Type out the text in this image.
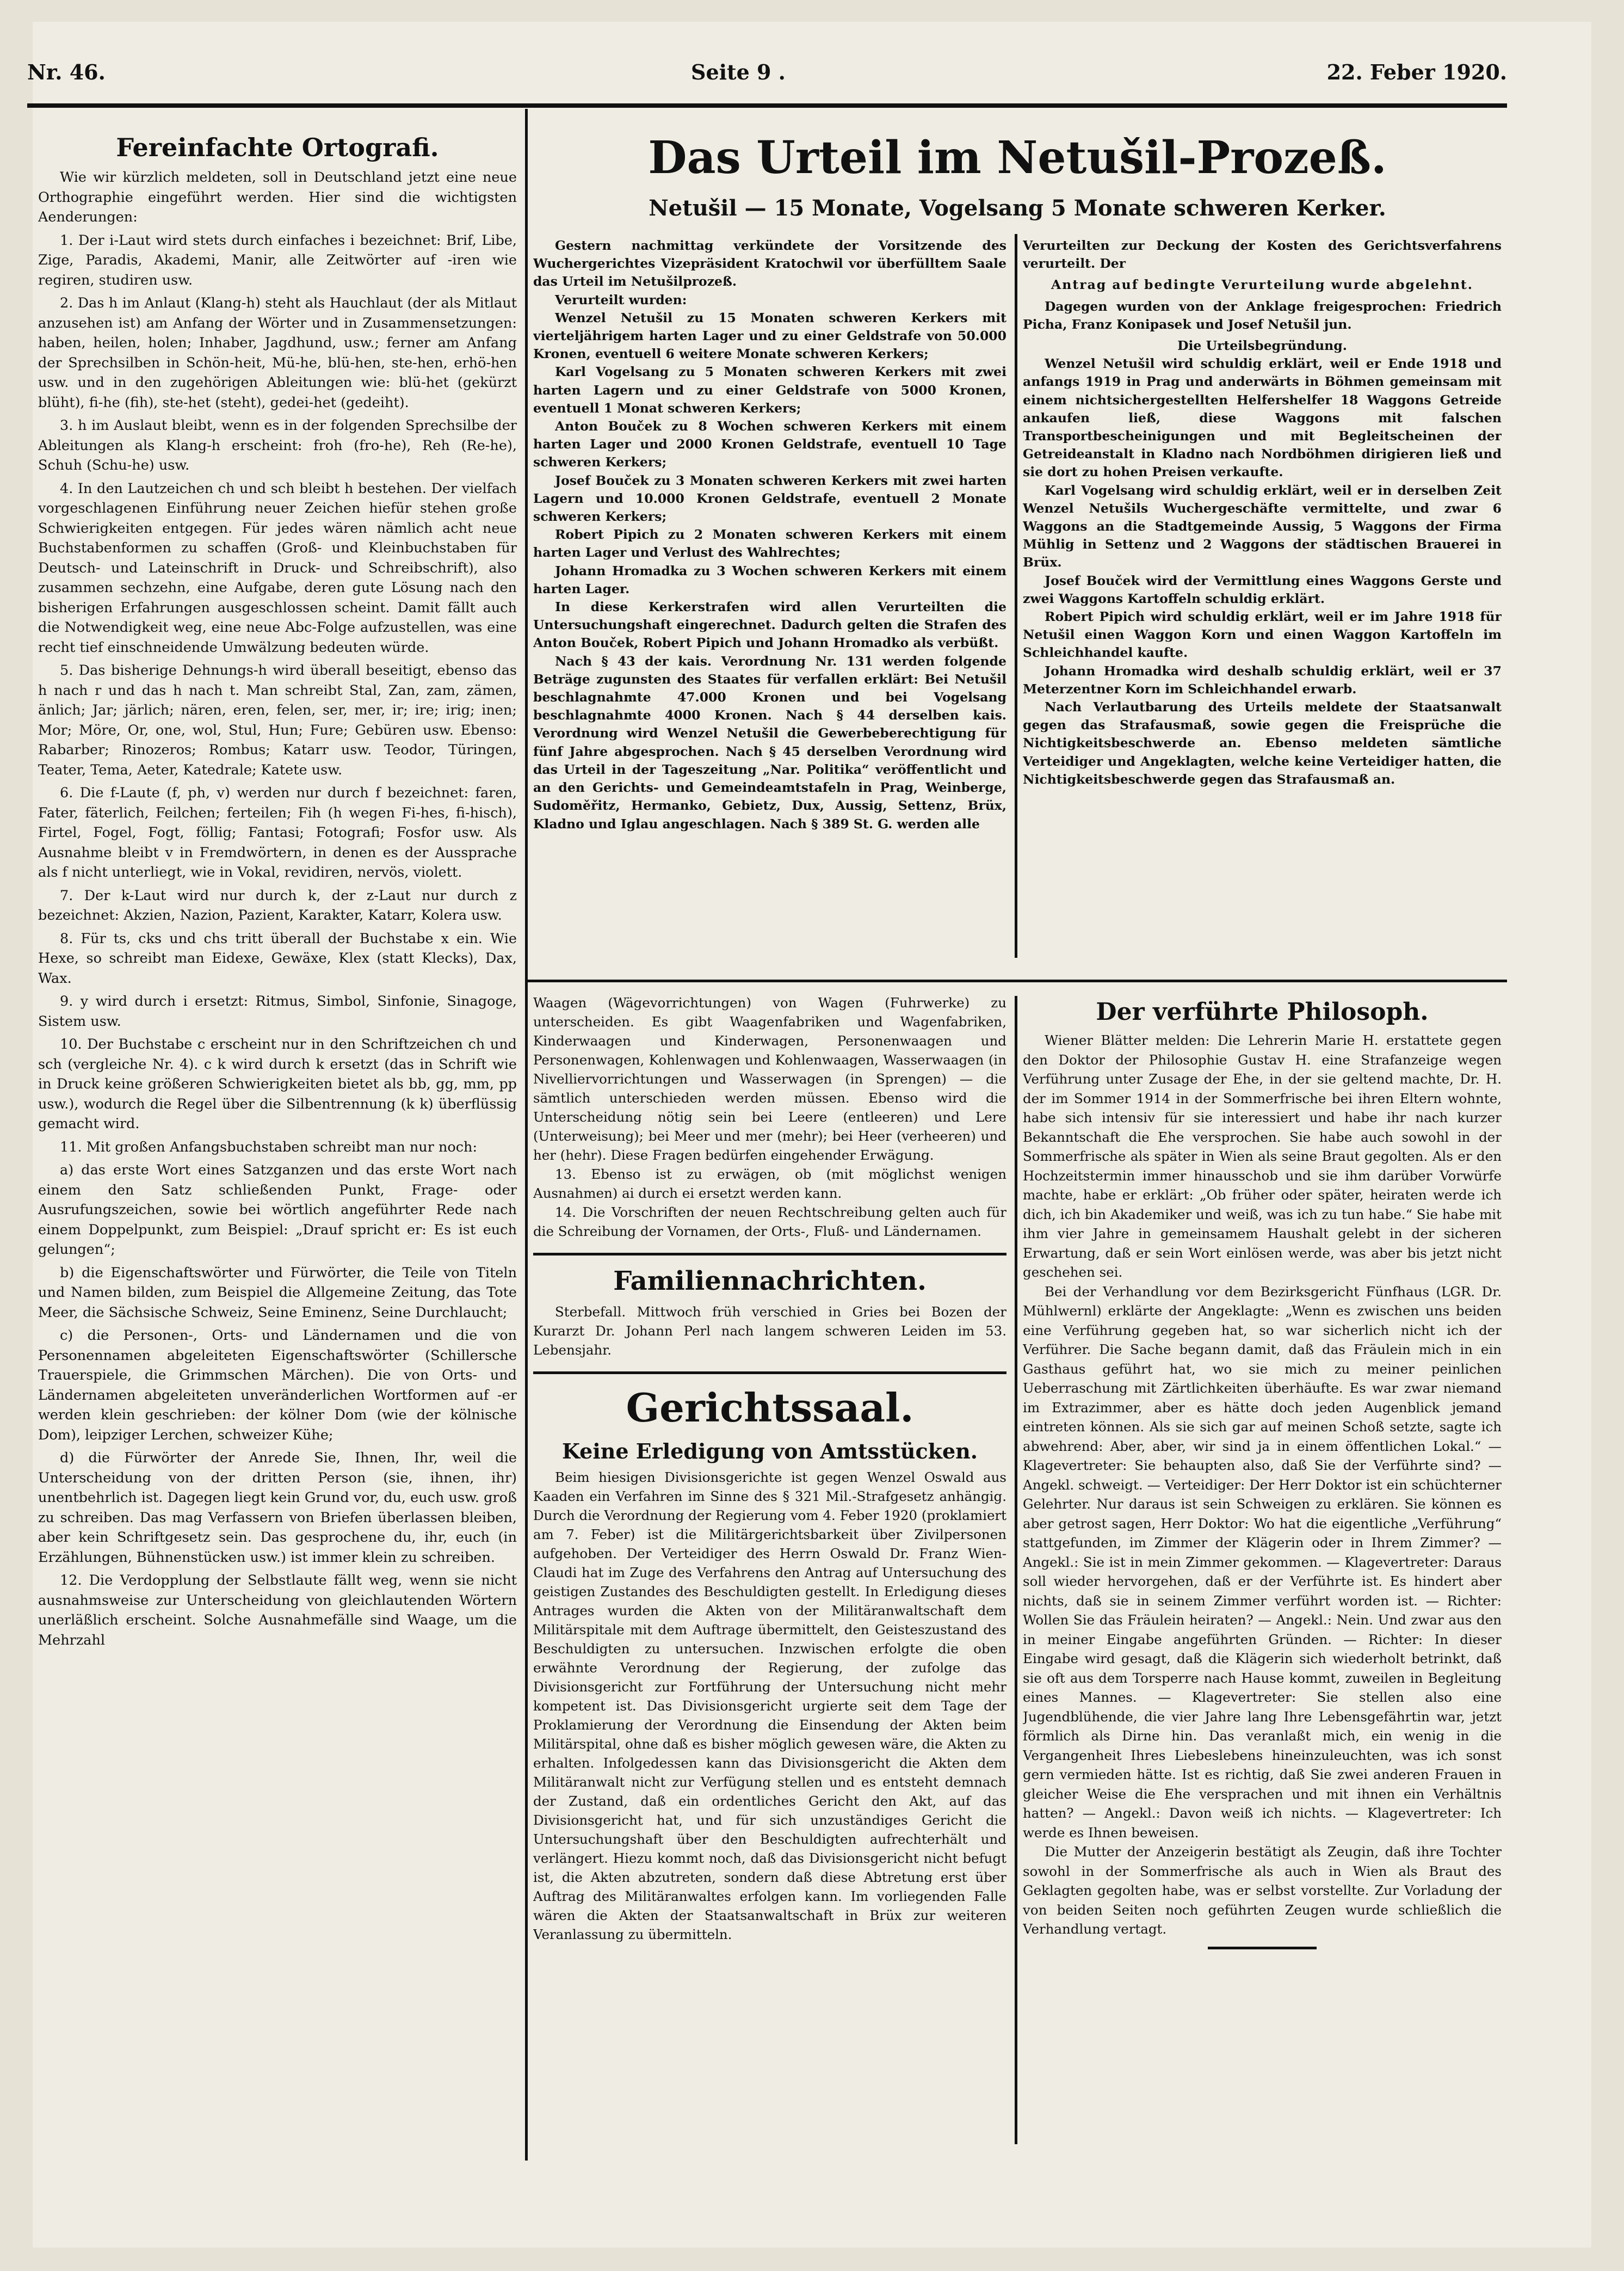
Nr. 46.	Seite 9 .	22. Feber 1920.
Fereinfachte Ortografi.

Wie wir kürzlich meldeten, soll in Deutschland jetzt eine neue Orthographie eingeführt werden. Hier sind die wichtigsten Aenderungen:

1. Der i-Laut wird stets durch einfaches i bezeichnet: Brif, Libe, Zige, Paradis, Akademi, Manir, alle Zeitwörter auf -iren wie regiren, studiren usw.

2. Das h im Anlaut (Klang-h) steht als Hauchlaut (der als Mitlaut anzusehen ist) am Anfang der Wörter und in Zusammensetzungen: haben, heilen, holen; Inhaber, Jagdhund, usw.; ferner am Anfang der Sprechsilben in Schön-heit, Mü-he, blü-hen, ste-hen, erhö-hen usw. und in den zugehörigen Ableitungen wie: blü-het (gekürzt blüht), fi-he (fih), ste-het (steht), gedei-het (gedeiht).

3. h im Auslaut bleibt, wenn es in der folgenden Sprechsilbe der Ableitungen als Klang-h erscheint: froh (fro-he), Reh (Re-he), Schuh (Schu-he) usw.

4. In den Lautzeichen ch und sch bleibt h bestehen. Der vielfach vorgeschlagenen Einführung neuer Zeichen hiefür stehen große Schwierigkeiten entgegen. Für jedes wären nämlich acht neue Buchstabenformen zu schaffen (Groß- und Kleinbuchstaben für Deutsch- und Lateinschrift in Druck- und Schreibschrift), also zusammen sechzehn, eine Aufgabe, deren gute Lösung nach den bisherigen Erfahrungen ausgeschlossen scheint. Damit fällt auch die Notwendigkeit weg, eine neue Abc-Folge aufzustellen, was eine recht tief einschneidende Umwälzung bedeuten würde.

5. Das bisherige Dehnungs-h wird überall beseitigt, ebenso das h nach r und das h nach t. Man schreibt Stal, Zan, zam, zämen, änlich; Jar; järlich; nären, eren, felen, ser, mer, ir; ire; irig; inen; Mor; Möre, Or, one, wol, Stul, Hun; Fure; Gebüren usw. Ebenso: Rabarber; Rinozeros; Rombus; Katarr usw. Teodor, Türingen, Teater, Tema, Aeter, Katedrale; Katete usw.

6. Die f-Laute (f, ph, v) werden nur durch f bezeichnet: faren, Fater, fäterlich, Feilchen; ferteilen; Fih (h wegen Fi-hes, fi-hisch), Firtel, Fogel, Fogt, föllig; Fantasi; Fotografi; Fosfor usw. Als Ausnahme bleibt v in Fremdwörtern, in denen es der Aussprache als f nicht unterliegt, wie in Vokal, revidiren, nervös, violett.

7. Der k-Laut wird nur durch k, der z-Laut nur durch z bezeichnet: Akzien, Nazion, Pazient, Karakter, Katarr, Kolera usw.

8. Für ts, cks und chs tritt überall der Buchstabe x ein. Wie Hexe, so schreibt man Eidexe, Gewäxe, Klex (statt Klecks), Dax, Wax.

9. y wird durch i ersetzt: Ritmus, Simbol, Sinfonie, Sinagoge, Sistem usw.

10. Der Buchstabe c erscheint nur in den Schriftzeichen ch und sch (vergleiche Nr. 4). c k wird durch k ersetzt (das in Schrift wie in Druck keine größeren Schwierigkeiten bietet als bb, gg, mm, pp usw.), wodurch die Regel über die Silbentrennung (k k) überflüssig gemacht wird.

11. Mit großen Anfangsbuchstaben schreibt man nur noch:

a) das erste Wort eines Satzganzen und das erste Wort nach einem den Satz schließenden Punkt, Frage- oder Ausrufungszeichen, sowie bei wörtlich angeführter Rede nach einem Doppelpunkt, zum Beispiel: „Drauf spricht er: Es ist euch gelungen“;

b) die Eigenschaftswörter und Fürwörter, die Teile von Titeln und Namen bilden, zum Beispiel die Allgemeine Zeitung, das Tote Meer, die Sächsische Schweiz, Seine Eminenz, Seine Durchlaucht;

c) die Personen-, Orts- und Ländernamen und die von Personennamen abgeleiteten Eigenschaftswörter (Schillersche Trauerspiele, die Grimmschen Märchen). Die von Orts- und Ländernamen abgeleiteten unveränderlichen Wortformen auf -er werden klein geschrieben: der kölner Dom (wie der kölnische Dom), leipziger Lerchen, schweizer Kühe;

d) die Fürwörter der Anrede Sie, Ihnen, Ihr, weil die Unterscheidung von der dritten Person (sie, ihnen, ihr) unentbehrlich ist. Dagegen liegt kein Grund vor, du, euch usw. groß zu schreiben. Das mag Verfassern von Briefen überlassen bleiben, aber kein Schriftgesetz sein. Das gesprochene du, ihr, euch (in Erzählungen, Bühnenstücken usw.) ist immer klein zu schreiben.

12. Die Verdopplung der Selbstlaute fällt weg, wenn sie nicht ausnahmsweise zur Unterscheidung von gleichlautenden Wörtern unerläßlich erscheint. Solche Ausnahmefälle sind Waage, um die Mehrzahl

Das Urteil im Netušil-Prozeß.
Netušil — 15 Monate, Vogelsang 5 Monate schweren Kerker.

Gestern nachmittag verkündete der Vorsitzende des Wuchergerichtes Vizepräsident Kratochwil vor überfülltem Saale das Urteil im Netušilprozeß.

Verurteilt wurden:

Wenzel Netušil zu 15 Monaten schweren Kerkers mit vierteljährigem harten Lager und zu einer Geldstrafe von 50.000 Kronen, eventuell 6 weitere Monate schweren Kerkers;

Karl Vogelsang zu 5 Monaten schweren Kerkers mit zwei harten Lagern und zu einer Geldstrafe von 5000 Kronen, eventuell 1 Monat schweren Kerkers;

Anton Bouček zu 8 Wochen schweren Kerkers mit einem harten Lager und 2000 Kronen Geldstrafe, eventuell 10 Tage schweren Kerkers;

Josef Bouček zu 3 Monaten schweren Kerkers mit zwei harten Lagern und 10.000 Kronen Geldstrafe, eventuell 2 Monate schweren Kerkers;

Robert Pipich zu 2 Monaten schweren Kerkers mit einem harten Lager und Verlust des Wahlrechtes;

Johann Hromadka zu 3 Wochen schweren Kerkers mit einem harten Lager.

In diese Kerkerstrafen wird allen Verurteilten die Untersuchungshaft eingerechnet. Dadurch gelten die Strafen des Anton Bouček, Robert Pipich und Johann Hromadko als verbüßt.

Nach § 43 der kais. Verordnung Nr. 131 werden folgende Beträge zugunsten des Staates für verfallen erklärt: Bei Netušil beschlagnahmte 47.000 Kronen und bei Vogelsang beschlagnahmte 4000 Kronen. Nach § 44 derselben kais. Verordnung wird Wenzel Netušil die Gewerbeberechtigung für fünf Jahre abgesprochen. Nach § 45 derselben Verordnung wird das Urteil in der Tageszeitung „Nar. Politika“ veröffentlicht und an den Gerichts- und Gemeindeamtstafeln in Prag, Weinberge, Sudoměřitz, Hermanko, Gebietz, Dux, Aussig, Settenz, Brüx, Kladno und Iglau angeschlagen. Nach § 389 St. G. werden alle

Verurteilten zur Deckung der Kosten des Gerichtsverfahrens verurteilt. Der

Antrag auf bedingte Verurteilung wurde abgelehnt.

Dagegen wurden von der Anklage freigesprochen: Friedrich Picha, Franz Konipasek und Josef Netušil jun.

Die Urteilsbegründung.

Wenzel Netušil wird schuldig erklärt, weil er Ende 1918 und anfangs 1919 in Prag und anderwärts in Böhmen gemeinsam mit einem nichtsichergestellten Helfershelfer 18 Waggons Getreide ankaufen ließ, diese Waggons mit falschen Transportbescheinigungen und mit Begleitscheinen der Getreideanstalt in Kladno nach Nordböhmen dirigieren ließ und sie dort zu hohen Preisen verkaufte.

Karl Vogelsang wird schuldig erklärt, weil er in derselben Zeit Wenzel Netušils Wuchergeschäfte vermittelte, und zwar 6 Waggons an die Stadtgemeinde Aussig, 5 Waggons der Firma Mühlig in Settenz und 2 Waggons der städtischen Brauerei in Brüx.

Josef Bouček wird der Vermittlung eines Waggons Gerste und zwei Waggons Kartoffeln schuldig erklärt.

Robert Pipich wird schuldig erklärt, weil er im Jahre 1918 für Netušil einen Waggon Korn und einen Waggon Kartoffeln im Schleichhandel kaufte.

Johann Hromadka wird deshalb schuldig erklärt, weil er 37 Meterzentner Korn im Schleichhandel erwarb.

Nach Verlautbarung des Urteils meldete der Staatsanwalt gegen das Strafausmaß, sowie gegen die Freisprüche die Nichtigkeitsbeschwerde an. Ebenso meldeten sämtliche Verteidiger und Angeklagten, welche keine Verteidiger hatten, die Nichtigkeitsbeschwerde gegen das Strafausmaß an.

Waagen (Wägevorrichtungen) von Wagen (Fuhrwerke) zu unterscheiden. Es gibt Waagenfabriken und Wagenfabriken, Kinderwaagen und Kinderwagen, Personenwaagen und Personenwagen, Kohlenwagen und Kohlenwaagen, Wasserwaagen (in Nivelliervorrichtungen und Wasserwagen (in Sprengen) — die sämtlich unterschieden werden müssen. Ebenso wird die Unterscheidung nötig sein bei Leere (entleeren) und Lere (Unterweisung); bei Meer und mer (mehr); bei Heer (verheeren) und her (hehr). Diese Fragen bedürfen eingehender Erwägung.

13. Ebenso ist zu erwägen, ob (mit möglichst wenigen Ausnahmen) ai durch ei ersetzt werden kann.

14. Die Vorschriften der neuen Rechtschreibung gelten auch für die Schreibung der Vornamen, der Orts-, Fluß- und Ländernamen.

Familiennachrichten.

Sterbefall. Mittwoch früh verschied in Gries bei Bozen der Kurarzt Dr. Johann Perl nach langem schweren Leiden im 53. Lebensjahr.

Gerichtssaal.
Keine Erledigung von Amtsstücken.

Beim hiesigen Divisionsgerichte ist gegen Wenzel Oswald aus Kaaden ein Verfahren im Sinne des § 321 Mil.-Strafgesetz anhängig. Durch die Verordnung der Regierung vom 4. Feber 1920 (proklamiert am 7. Feber) ist die Militärgerichtsbarkeit über Zivilpersonen aufgehoben. Der Verteidiger des Herrn Oswald Dr. Franz Wien-Claudi hat im Zuge des Verfahrens den Antrag auf Untersuchung des geistigen Zustandes des Beschuldigten gestellt. In Erledigung dieses Antrages wurden die Akten von der Militäranwaltschaft dem Militärspitale mit dem Auftrage übermittelt, den Geisteszustand des Beschuldigten zu untersuchen. Inzwischen erfolgte die oben erwähnte Verordnung der Regierung, der zufolge das Divisionsgericht zur Fortführung der Untersuchung nicht mehr kompetent ist. Das Divisionsgericht urgierte seit dem Tage der Proklamierung der Verordnung die Einsendung der Akten beim Militärspital, ohne daß es bisher möglich gewesen wäre, die Akten zu erhalten. Infolgedessen kann das Divisionsgericht die Akten dem Militäranwalt nicht zur Verfügung stellen und es entsteht demnach der Zustand, daß ein ordentliches Gericht den Akt, auf das Divisionsgericht hat, und für sich unzuständiges Gericht die Untersuchungshaft über den Beschuldigten aufrechterhält und verlängert. Hiezu kommt noch, daß das Divisionsgericht nicht befugt ist, die Akten abzutreten, sondern daß diese Abtretung erst über Auftrag des Militäranwaltes erfolgen kann. Im vorliegenden Falle wären die Akten der Staatsanwaltschaft in Brüx zur weiteren Veranlassung zu übermitteln.

Der verführte Philosoph.

Wiener Blätter melden: Die Lehrerin Marie H. erstattete gegen den Doktor der Philosophie Gustav H. eine Strafanzeige wegen Verführung unter Zusage der Ehe, in der sie geltend machte, Dr. H. der im Sommer 1914 in der Sommerfrische bei ihren Eltern wohnte, habe sich intensiv für sie interessiert und habe ihr nach kurzer Bekanntschaft die Ehe versprochen. Sie habe auch sowohl in der Sommerfrische als später in Wien als seine Braut gegolten. Als er den Hochzeitstermin immer hinausschob und sie ihm darüber Vorwürfe machte, habe er erklärt: „Ob früher oder später, heiraten werde ich dich, ich bin Akademiker und weiß, was ich zu tun habe.“ Sie habe mit ihm vier Jahre in gemeinsamem Haushalt gelebt in der sicheren Erwartung, daß er sein Wort einlösen werde, was aber bis jetzt nicht geschehen sei.

Bei der Verhandlung vor dem Bezirksgericht Fünfhaus (LGR. Dr. Mühlwernl) erklärte der Angeklagte: „Wenn es zwischen uns beiden eine Verführung gegeben hat, so war sicherlich nicht ich der Verführer. Die Sache begann damit, daß das Fräulein mich in ein Gasthaus geführt hat, wo sie mich zu meiner peinlichen Ueberraschung mit Zärtlichkeiten überhäufte. Es war zwar niemand im Extrazimmer, aber es hätte doch jeden Augenblick jemand eintreten können. Als sie sich gar auf meinen Schoß setzte, sagte ich abwehrend: Aber, aber, wir sind ja in einem öffentlichen Lokal.“ — Klagevertreter: Sie behaupten also, daß Sie der Verführte sind? — Angekl. schweigt. — Verteidiger: Der Herr Doktor ist ein schüchterner Gelehrter. Nur daraus ist sein Schweigen zu erklären. Sie können es aber getrost sagen, Herr Doktor: Wo hat die eigentliche „Verführung“ stattgefunden, im Zimmer der Klägerin oder in Ihrem Zimmer? — Angekl.: Sie ist in mein Zimmer gekommen. — Klagevertreter: Daraus soll wieder hervorgehen, daß er der Verführte ist. Es hindert aber nichts, daß sie in seinem Zimmer verführt worden ist. — Richter: Wollen Sie das Fräulein heiraten? — Angekl.: Nein. Und zwar aus den in meiner Eingabe angeführten Gründen. — Richter: In dieser Eingabe wird gesagt, daß die Klägerin sich wiederholt betrinkt, daß sie oft aus dem Torsperre nach Hause kommt, zuweilen in Begleitung eines Mannes. — Klagevertreter: Sie stellen also eine Jugendblühende, die vier Jahre lang Ihre Lebensgefährtin war, jetzt förmlich als Dirne hin. Das veranlaßt mich, ein wenig in die Vergangenheit Ihres Liebeslebens hineinzuleuchten, was ich sonst gern vermieden hätte. Ist es richtig, daß Sie zwei anderen Frauen in gleicher Weise die Ehe versprachen und mit ihnen ein Verhältnis hatten? — Angekl.: Davon weiß ich nichts. — Klagevertreter: Ich werde es Ihnen beweisen.

Die Mutter der Anzeigerin bestätigt als Zeugin, daß ihre Tochter sowohl in der Sommerfrische als auch in Wien als Braut des Geklagten gegolten habe, was er selbst vorstellte. Zur Vorladung der von beiden Seiten noch geführten Zeugen wurde schließlich die Verhandlung vertagt.
